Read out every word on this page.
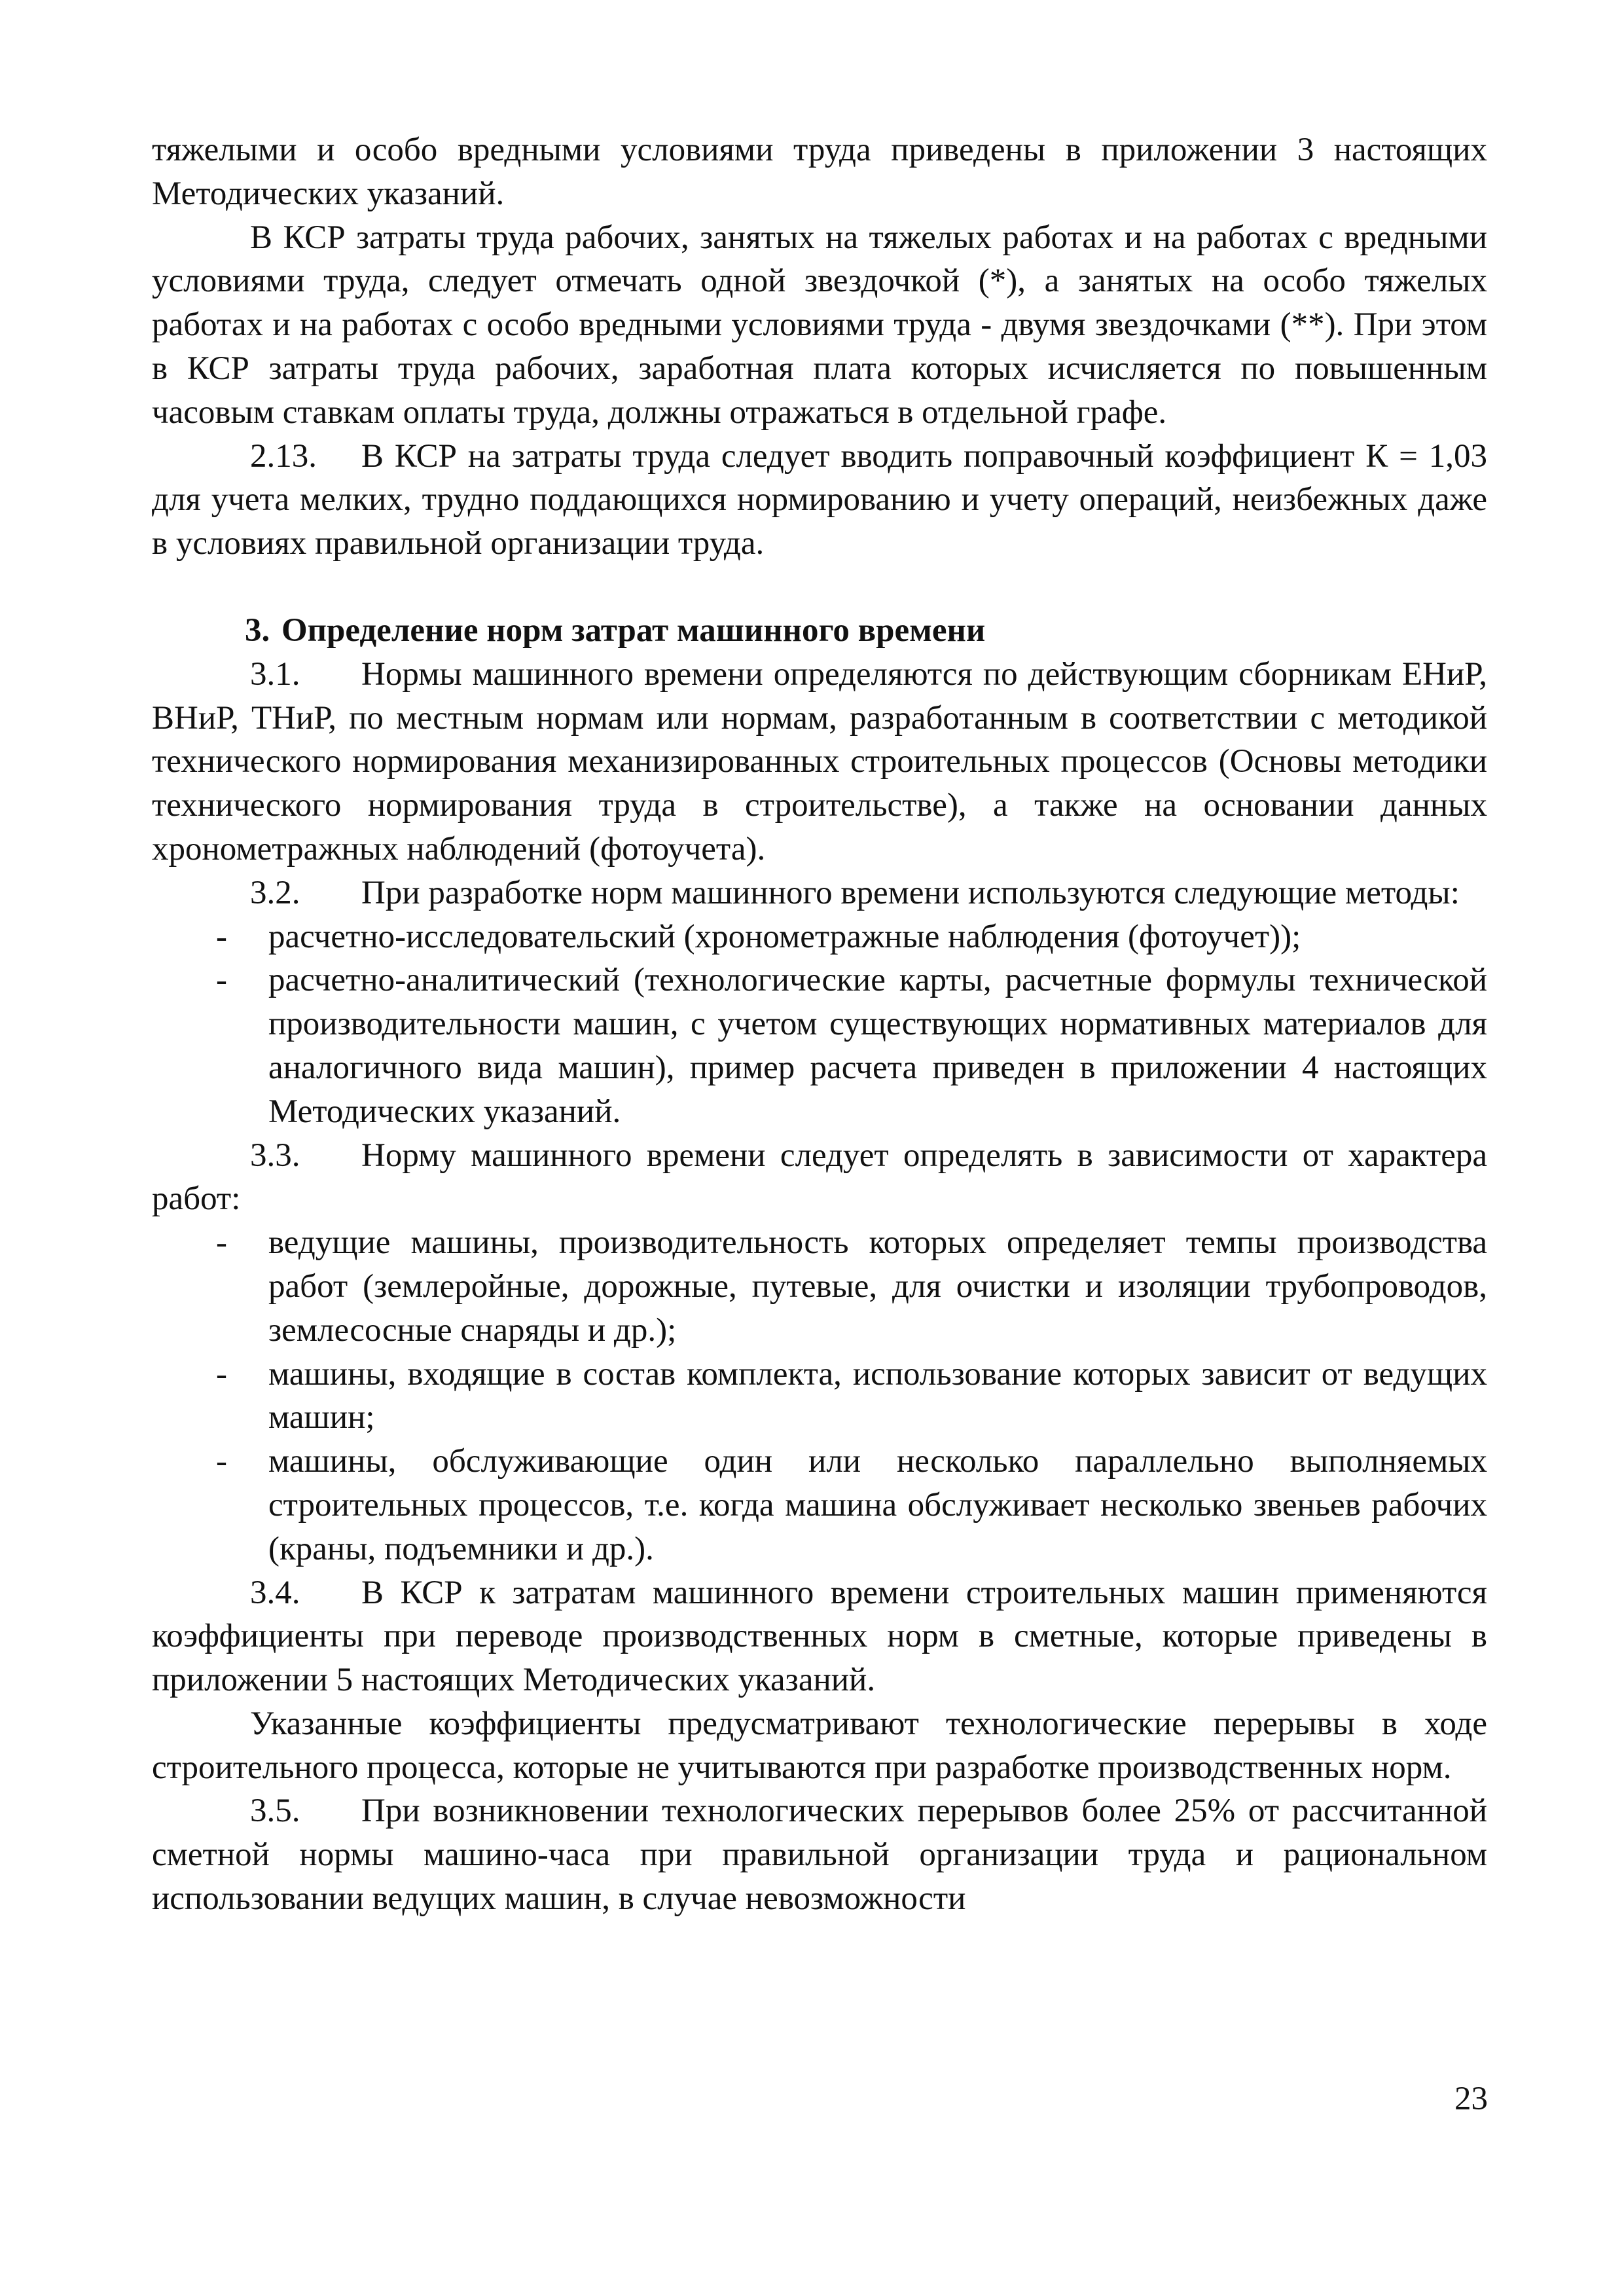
тяжелыми и особо вредными условиями труда приведены в приложении 3 настоящих Методических указаний.

В КСР затраты труда рабочих, занятых на тяжелых работах и на работах с вредными условиями труда, следует отмечать одной звездочкой (*), а занятых на особо тяжелых работах и на работах с особо вредными условиями труда - двумя звездочками (**). При этом в КСР затраты труда рабочих, заработная плата которых исчисляется по повышенным часовым ставкам оплаты труда, должны отражаться в отдельной графе.

2.13. В КСР на затраты труда следует вводить поправочный коэффициент К = 1,03 для учета мелких, трудно поддающихся нормированию и учету операций, неизбежных даже в условиях правильной организации труда.

3. Определение норм затрат машинного времени

3.1. Нормы машинного времени определяются по действующим сборникам ЕНиР, ВНиР, ТНиР, по местным нормам или нормам, разработанным в соответствии с методикой технического нормирования механизированных строительных процессов (Основы методики технического нормирования труда в строительстве), а также на основании данных хронометражных наблюдений (фотоучета).

3.2. При разработке норм машинного времени используются следующие методы:

- расчетно-исследовательский (хронометражные наблюдения (фотоучет));
- расчетно-аналитический (технологические карты, расчетные формулы технической производительности машин, с учетом существующих нормативных материалов для аналогичного вида машин), пример расчета приведен в приложении 4 настоящих Методических указаний.

3.3. Норму машинного времени следует определять в зависимости от характера работ:

- ведущие машины, производительность которых определяет темпы производства работ (землеройные, дорожные, путевые, для очистки и изоляции трубопроводов, землесосные снаряды и др.);
- машины, входящие в состав комплекта, использование которых зависит от ведущих машин;
- машины, обслуживающие один или несколько параллельно выполняемых строительных процессов, т.е. когда машина обслуживает несколько звеньев рабочих (краны, подъемники и др.).

3.4. В КСР к затратам машинного времени строительных машин применяются коэффициенты при переводе производственных норм в сметные, которые приведены в приложении 5 настоящих Методических указаний.

Указанные коэффициенты предусматривают технологические перерывы в ходе строительного процесса, которые не учитываются при разработке производственных норм.

3.5. При возникновении технологических перерывов более 25% от рассчитанной сметной нормы машино-часа при правильной организации труда и рациональном использовании ведущих машин, в случае невозможности

23
